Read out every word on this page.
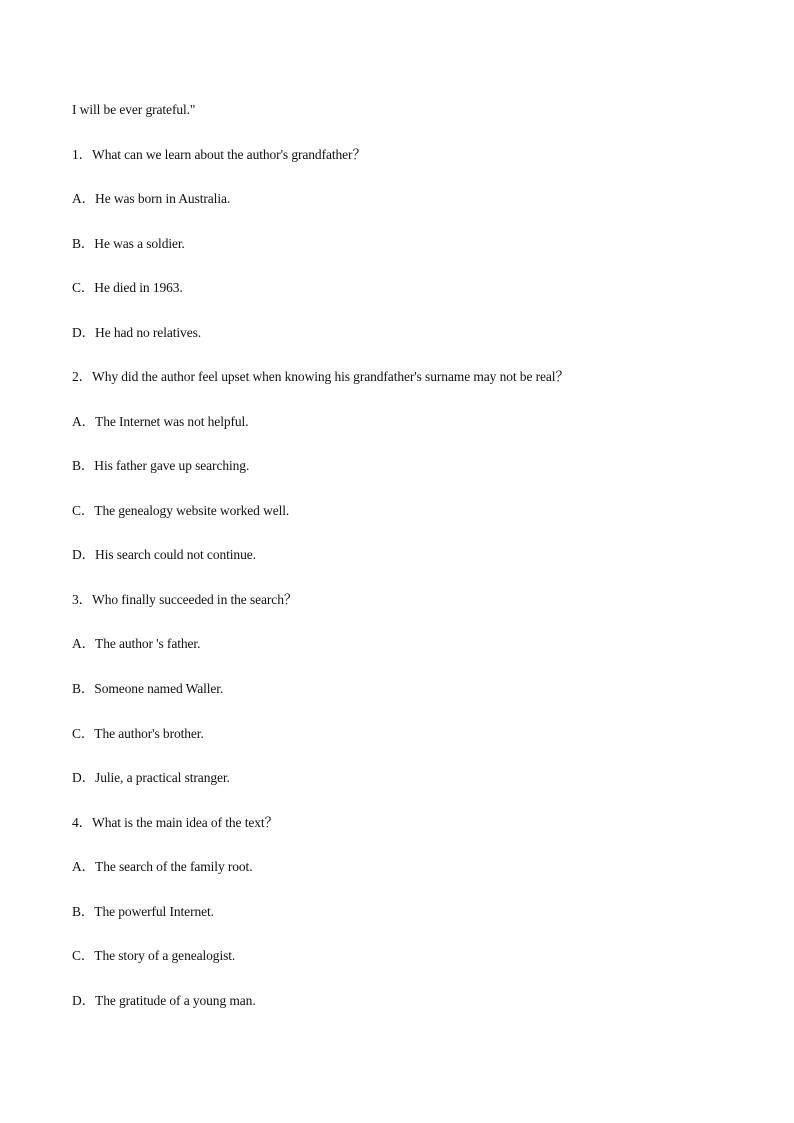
I will be ever grateful."
1．What can we learn about the author's grandfather？
A．He was born in Australia.
B．He was a soldier.
C．He died in 1963.
D．He had no relatives.
2．Why did the author feel upset when knowing his grandfather's surname may not be real？
A．The Internet was not helpful.
B．His father gave up searching.
C．The genealogy website worked well.
D．His search could not continue.
3．Who finally succeeded in the search？
A．The author 's father.
B．Someone named Waller.
C．The author's brother.
D．Julie, a practical stranger.
4．What is the main idea of the text？
A．The search of the family root.
B．The powerful Internet.
C．The story of a genealogist.
D．The gratitude of a young man.
